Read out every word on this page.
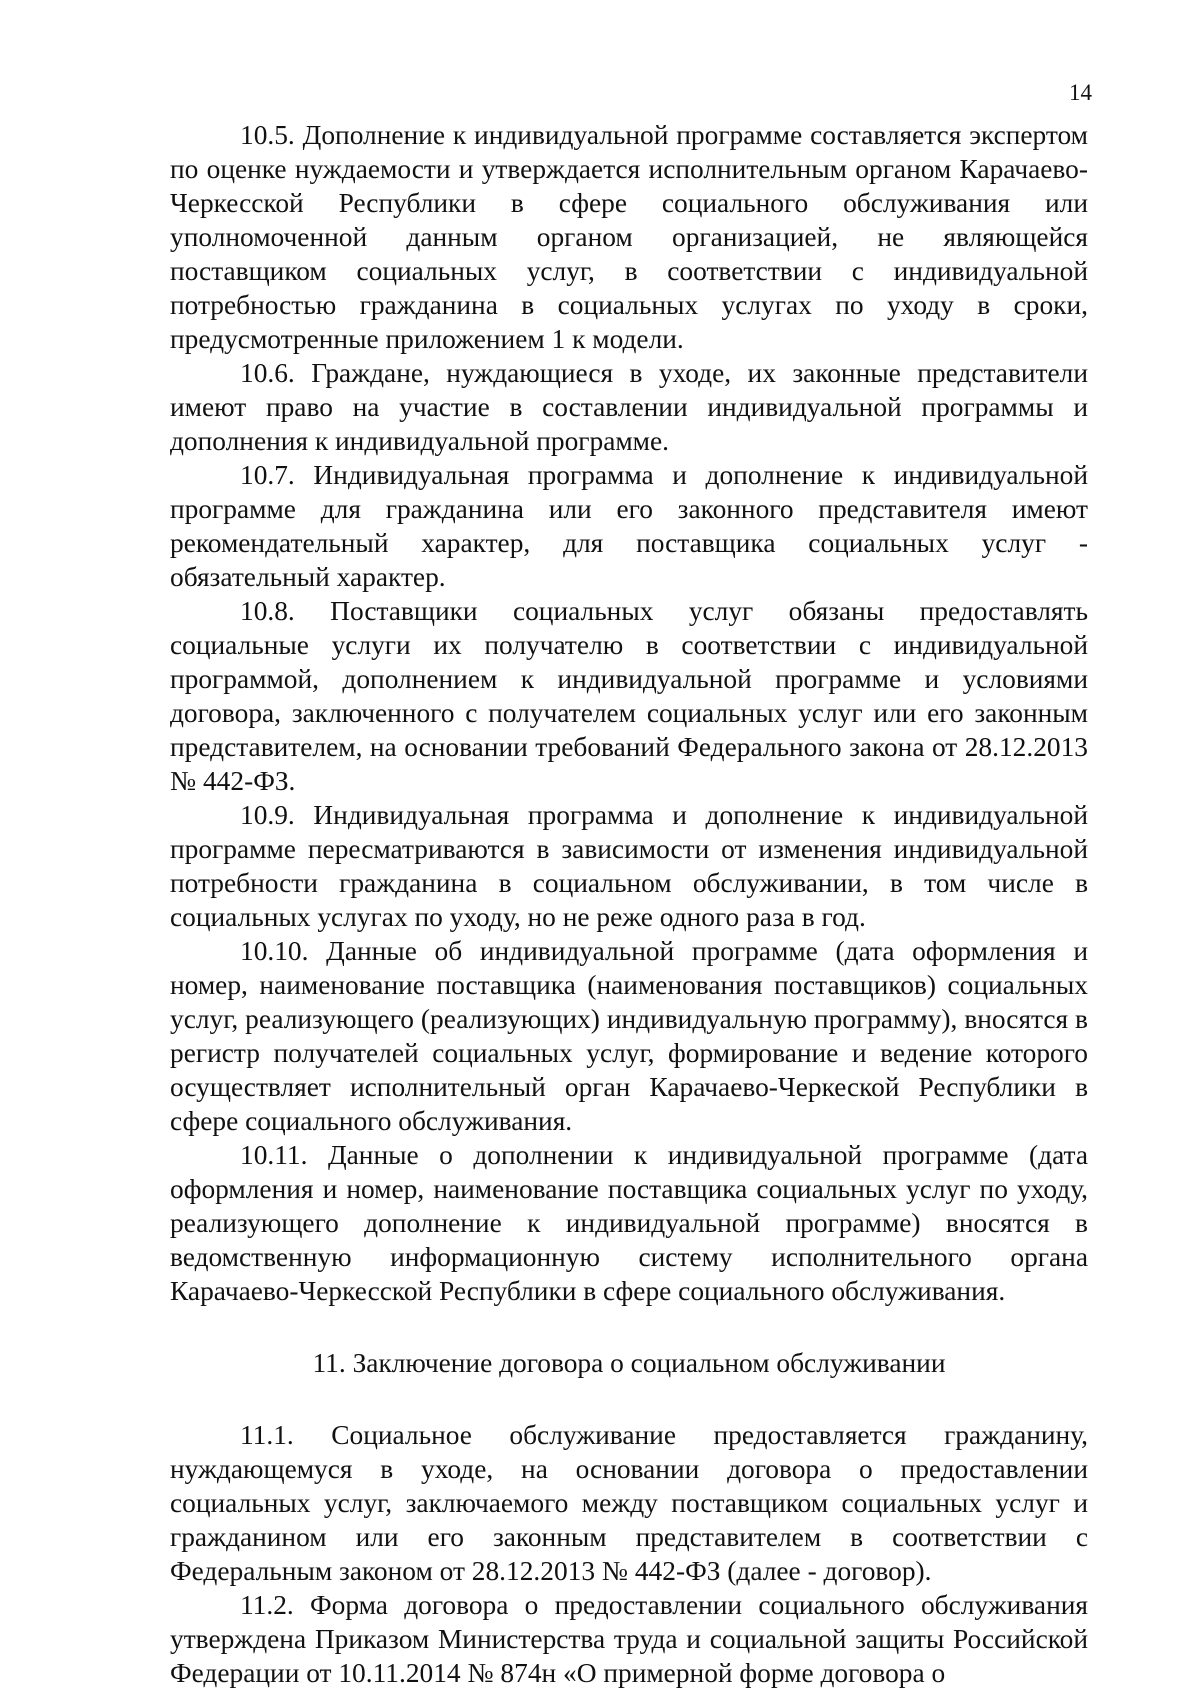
14

10.5. Дополнение к индивидуальной программе составляется экспертом по оценке нуждаемости и утверждается исполнительным органом Карачаево-Черкесской Республики в сфере социального обслуживания или уполномоченной данным органом организацией, не являющейся поставщиком социальных услуг, в соответствии с индивидуальной потребностью гражданина в социальных услугах по уходу в сроки, предусмотренные приложением 1 к модели.

10.6. Граждане, нуждающиеся в уходе, их законные представители имеют право на участие в составлении индивидуальной программы и дополнения к индивидуальной программе.

10.7. Индивидуальная программа и дополнение к индивидуальной программе для гражданина или его законного представителя имеют рекомендательный характер, для поставщика социальных услуг - обязательный характер.

10.8. Поставщики социальных услуг обязаны предоставлять социальные услуги их получателю в соответствии с индивидуальной программой, дополнением к индивидуальной программе и условиями договора, заключенного с получателем социальных услуг или его законным представителем, на основании требований Федерального закона от 28.12.2013 № 442-ФЗ.

10.9. Индивидуальная программа и дополнение к индивидуальной программе пересматриваются в зависимости от изменения индивидуальной потребности гражданина в социальном обслуживании, в том числе в социальных услугах по уходу, но не реже одного раза в год.

10.10. Данные об индивидуальной программе (дата оформления и номер, наименование поставщика (наименования поставщиков) социальных услуг, реализующего (реализующих) индивидуальную программу), вносятся в регистр получателей социальных услуг, формирование и ведение которого осуществляет исполнительный орган Карачаево-Черкеской Республики в сфере социального обслуживания.

10.11. Данные о дополнении к индивидуальной программе (дата оформления и номер, наименование поставщика социальных услуг по уходу, реализующего дополнение к индивидуальной программе) вносятся в ведомственную информационную систему исполнительного органа Карачаево-Черкесской Республики в сфере социального обслуживания.

11. Заключение договора о социальном обслуживании

11.1. Социальное обслуживание предоставляется гражданину, нуждающемуся в уходе, на основании договора о предоставлении социальных услуг, заключаемого между поставщиком социальных услуг и гражданином или его законным представителем в соответствии с Федеральным законом от 28.12.2013 № 442-ФЗ (далее - договор).

11.2. Форма договора о предоставлении социального обслуживания утверждена Приказом Министерства труда и социальной защиты Российской Федерации от 10.11.2014 № 874н «О примерной форме договора о
